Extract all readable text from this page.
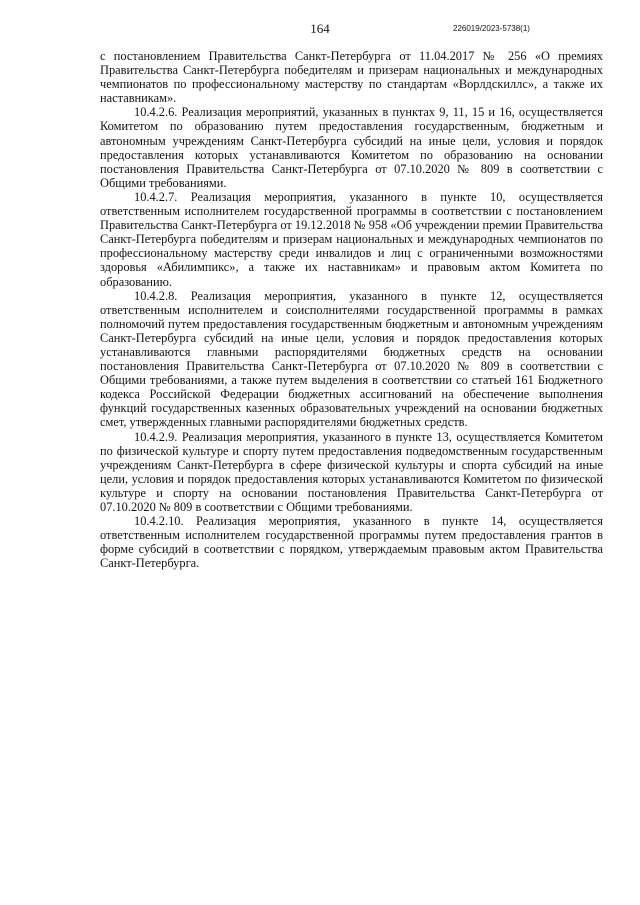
164	226019/2023-5738(1)

с постановлением Правительства Санкт-Петербурга от 11.04.2017 № 256 «О премиях Правительства Санкт-Петербурга победителям и призерам национальных и международных чемпионатов по профессиональному мастерству по стандартам «Ворлдскиллс», а также их наставникам».

10.4.2.6. Реализация мероприятий, указанных в пунктах 9, 11, 15 и 16, осуществляется Комитетом по образованию путем предоставления государственным, бюджетным и автономным учреждениям Санкт-Петербурга субсидий на иные цели, условия и порядок предоставления которых устанавливаются Комитетом по образованию на основании постановления Правительства Санкт-Петербурга от 07.10.2020 № 809 в соответствии с Общими требованиями.

10.4.2.7. Реализация мероприятия, указанного в пункте 10, осуществляется ответственным исполнителем государственной программы в соответствии с постановлением Правительства Санкт-Петербурга от 19.12.2018 № 958 «Об учреждении премии Правительства Санкт-Петербурга победителям и призерам национальных и международных чемпионатов по профессиональному мастерству среди инвалидов и лиц с ограниченными возможностями здоровья «Абилимпикс», а также их наставникам» и правовым актом Комитета по образованию.

10.4.2.8. Реализация мероприятия, указанного в пункте 12, осуществляется ответственным исполнителем и соисполнителями государственной программы в рамках полномочий путем предоставления государственным бюджетным и автономным учреждениям Санкт-Петербурга субсидий на иные цели, условия и порядок предоставления которых устанавливаются главными распорядителями бюджетных средств на основании постановления Правительства Санкт-Петербурга от 07.10.2020 № 809 в соответствии с Общими требованиями, а также путем выделения в соответствии со статьей 161 Бюджетного кодекса Российской Федерации бюджетных ассигнований на обеспечение выполнения функций государственных казенных образовательных учреждений на основании бюджетных смет, утвержденных главными распорядителями бюджетных средств.

10.4.2.9. Реализация мероприятия, указанного в пункте 13, осуществляется Комитетом по физической культуре и спорту путем предоставления подведомственным государственным учреждениям Санкт-Петербурга в сфере физической культуры и спорта субсидий на иные цели, условия и порядок предоставления которых устанавливаются Комитетом по физической культуре и спорту на основании постановления Правительства Санкт-Петербурга от 07.10.2020 № 809 в соответствии с Общими требованиями.

10.4.2.10. Реализация мероприятия, указанного в пункте 14, осуществляется ответственным исполнителем государственной программы путем предоставления грантов в форме субсидий в соответствии с порядком, утверждаемым правовым актом Правительства Санкт-Петербурга.
